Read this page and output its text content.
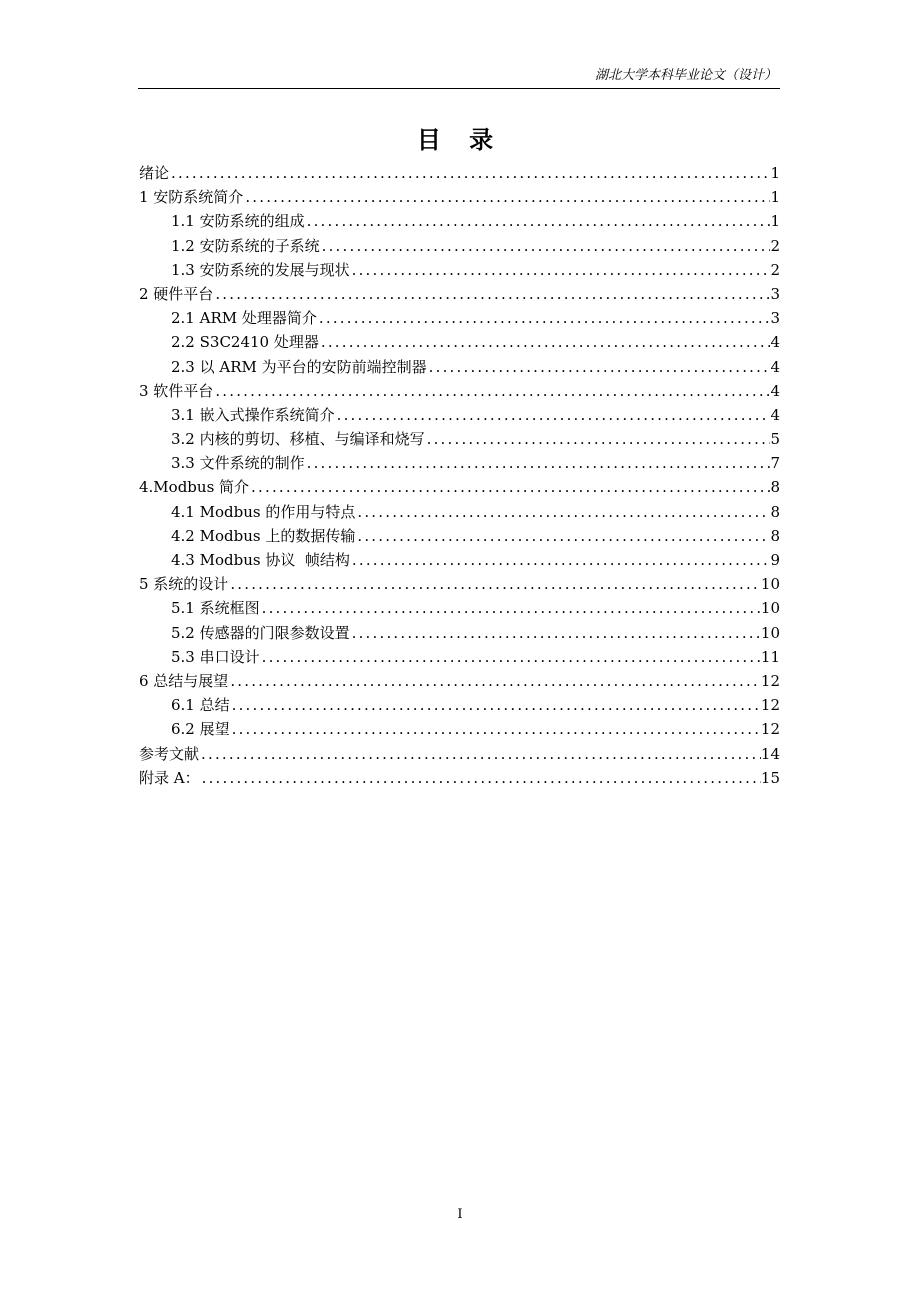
湖北大学本科毕业论文（设计）
目 录
绪论 .....	1
1 安防系统简介 .....	1
1.1 安防系统的组成 .....	1
1.2 安防系统的子系统 .....	2
1.3 安防系统的发展与现状 .....	2
2 硬件平台 .....	3
2.1 ARM 处理器简介 .....	3
2.2 S3C2410 处理器 .....	4
2.3 以 ARM 为平台的安防前端控制器 .....	4
3 软件平台 .....	4
3.1 嵌入式操作系统简介 .....	4
3.2 内核的剪切、移植、与编译和烧写 .....	5
3.3 文件系统的制作 .....	7
4.Modbus 简介 .....	8
4.1 Modbus 的作用与特点 .....	8
4.2 Modbus 上的数据传输 .....	8
4.3 Modbus 协议  帧结构 .....	9
5 系统的设计 .....	10
5.1 系统框图 .....	10
5.2 传感器的门限参数设置 .....	10
5.3 串口设计 .....	11
6 总结与展望 .....	12
6.1 总结 .....	12
6.2 展望 .....	12
参考文献 .....	14
附录 A： .....	15
I
